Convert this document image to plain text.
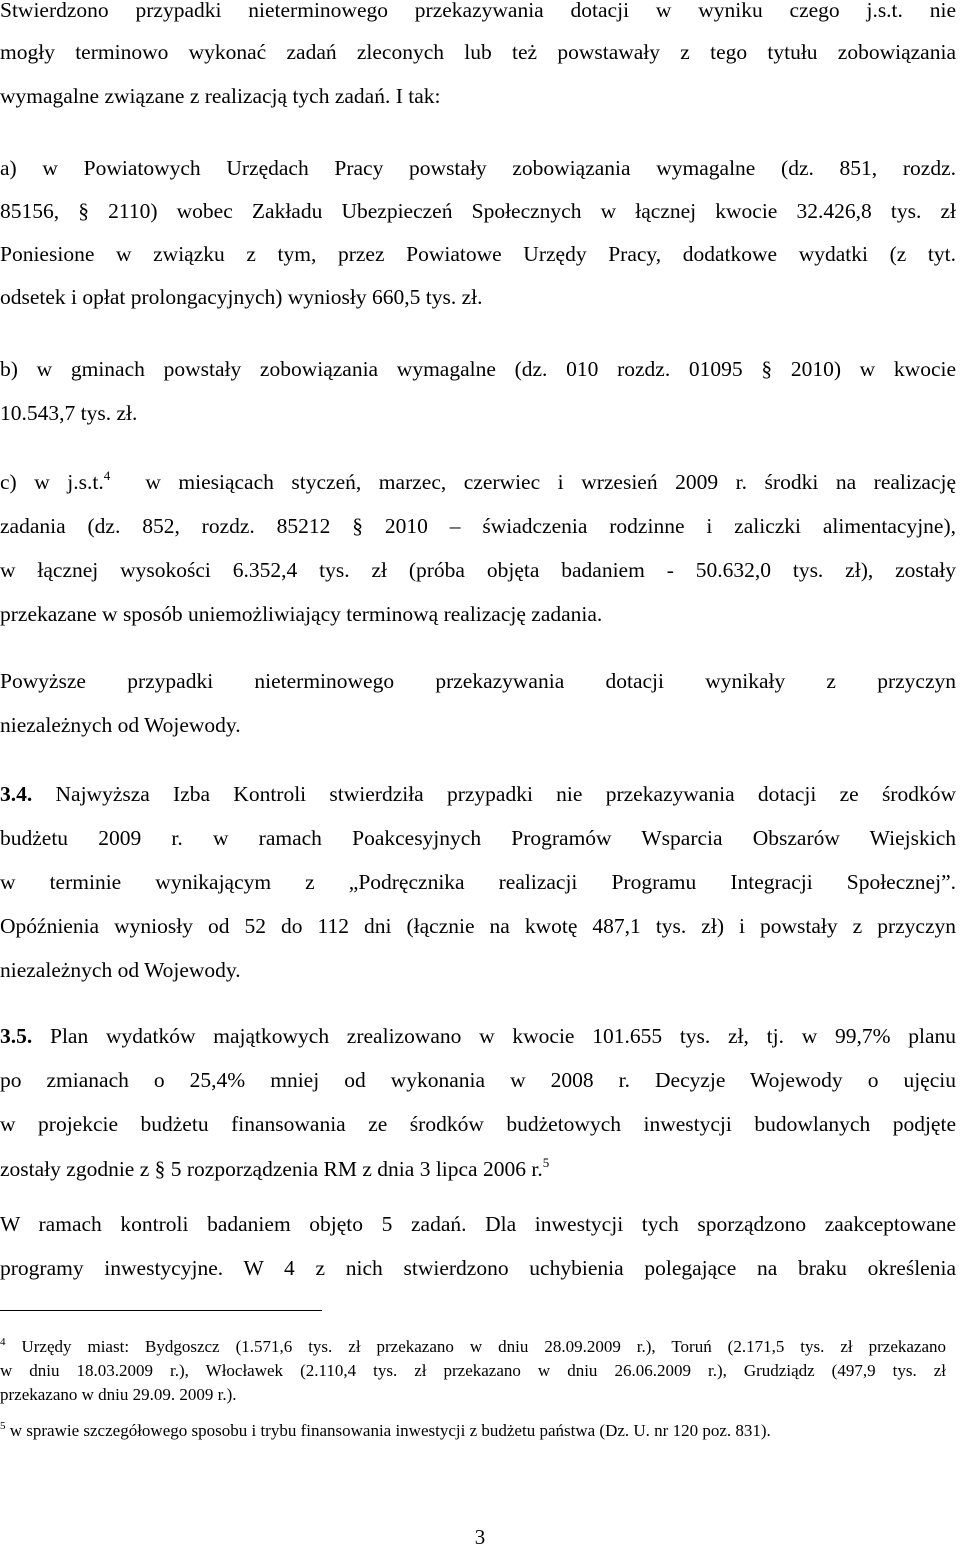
Stwierdzono przypadki nieterminowego przekazywania dotacji w wyniku czego j.s.t. nie
mogły terminowo wykonać zadań zleconych lub też powstawały z tego tytułu zobowiązania
wymagalne związane z realizacją tych zadań. I tak:
a) w Powiatowych Urzędach Pracy powstały zobowiązania wymagalne (dz. 851, rozdz.
85156, § 2110) wobec Zakładu Ubezpieczeń Społecznych w łącznej kwocie 32.426,8 tys. zł
Poniesione w związku z tym, przez Powiatowe Urzędy Pracy, dodatkowe wydatki (z tyt.
odsetek i opłat prolongacyjnych) wyniosły 660,5 tys. zł.
b) w gminach powstały zobowiązania wymagalne (dz. 010 rozdz. 01095 § 2010) w kwocie
10.543,7 tys. zł.
c) w j.s.t.$^4$ w miesiącach styczeń, marzec, czerwiec i wrzesień 2009 r. środki na realizację
zadania (dz. 852, rozdz. 85212 § 2010 – świadczenia rodzinne i zaliczki alimentacyjne),
w łącznej wysokości 6.352,4 tys. zł (próba objęta badaniem - 50.632,0 tys. zł), zostały
przekazane w sposób uniemożliwiający terminową realizację zadania.
Powyższe przypadki nieterminowego przekazywania dotacji wynikały z przyczyn
niezależnych od Wojewody.
3.4. Najwyższa Izba Kontroli stwierdziła przypadki nie przekazywania dotacji ze środków
budżetu 2009 r. w ramach Poakcesyjnych Programów Wsparcia Obszarów Wiejskich
w terminie wynikającym z „Podręcznika realizacji Programu Integracji Społecznej”.
Opóźnienia wyniosły od 52 do 112 dni (łącznie na kwotę 487,1 tys. zł) i powstały z przyczyn
niezależnych od Wojewody.
3.5. Plan wydatków majątkowych zrealizowano w kwocie 101.655 tys. zł, tj. w 99,7% planu
po zmianach o 25,4% mniej od wykonania w 2008 r. Decyzje Wojewody o ujęciu
w projekcie budżetu finansowania ze środków budżetowych inwestycji budowlanych podjęte
zostały zgodnie z § 5 rozporządzenia RM z dnia 3 lipca 2006 r.$^5$
W ramach kontroli badaniem objęto 5 zadań. Dla inwestycji tych sporządzono zaakceptowane
programy inwestycyjne. W 4 z nich stwierdzono uchybienia polegające na braku określenia
$^4$ Urzędy miast: Bydgoszcz (1.571,6 tys. zł przekazano w dniu 28.09.2009 r.), Toruń (2.171,5 tys. zł przekazano
w dniu 18.03.2009 r.), Włocławek (2.110,4 tys. zł przekazano w dniu 26.06.2009 r.), Grudziądz (497,9 tys. zł
przekazano w dniu 29.09. 2009 r.).
$^5$ w sprawie szczegółowego sposobu i trybu finansowania inwestycji z budżetu państwa (Dz. U. nr 120 poz. 831).
3
